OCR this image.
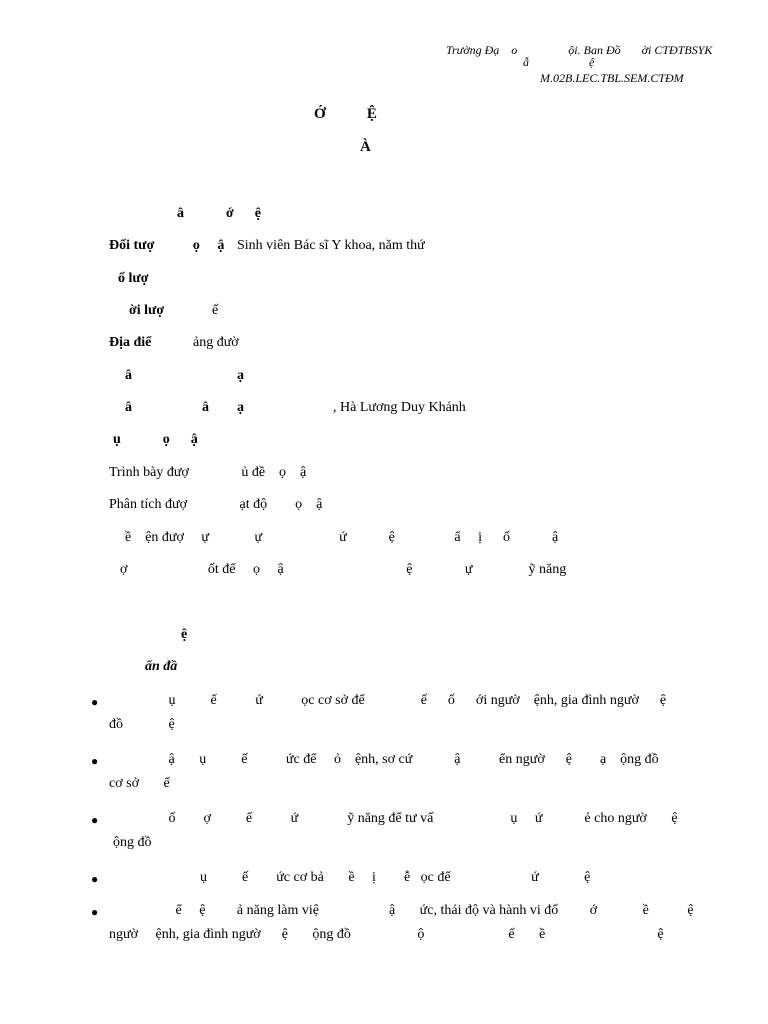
Trường Đạ    o                 ội. Ban Đồ       ời CTĐTBSYK
ẫ                    ệ
M.02B.LEC.TBL.SEM.CTĐM
Ớ           Ệ
À
â            ớ      ệ
Đối tượ           ọ     ậ Sinh viên Bác sĩ Y khoa, năm thứ
ố lượ
ời lượ	ế
Địa điể	ảng đườ
â                              ạ
â                    â        ạ	, Hà Lương Duy Khánh
ụ            ọ      ậ
Trình bày đượ               ủ đề    ọ    ậ
Phân tích đượ               ạt độ        ọ    ậ
ề    ện đượ     ự             ự                      ứ            ệ                 ẩ     ị      ố            ậ
ợ                       ốt để     ọ     ậ                                   ệ               ự                ỹ năng
ệ
ẩn đầ
● ụ          ế           ứ           ọc cơ sở để                ế      ố      ới ngườ    ệnh, gia đình ngườ      ệ
đồ             ệ
● ậ       ụ          ế           ức để     ỏ    ệnh, sơ cứ            ậ           ển ngườ      ệ        ạ    ộng đồ
cơ sở       ế
● ố        ợ          ế           ứ              ỹ năng để tư vấ                      ụ     ứ            ẻ cho ngườ       ệ
ộng đồ
● ụ          ế        ức cơ bả       ề     ị        ễ   ọc để                       ứ             ệ
● ể     ệ         ả năng làm việ                    ậ       ức, thái độ và hành vi đố         ớ             ề           ệ
ngườ     ệnh, gia đình ngườ      ệ       ộng đồ                   ộ                        ế       ề                                ệ
